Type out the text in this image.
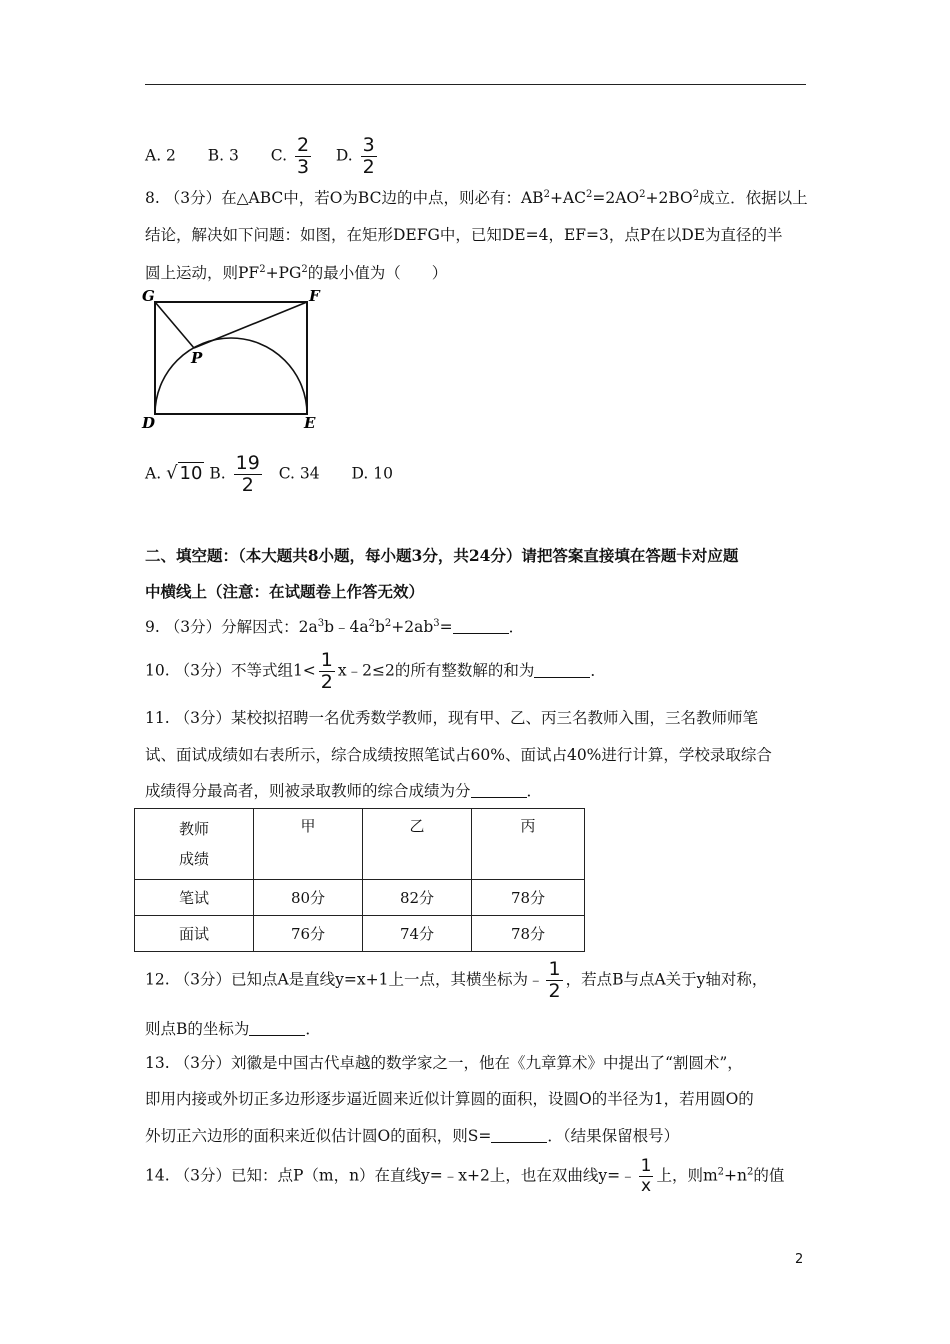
A. 2 B. 3 C. $\frac{2}{3} D$. $\frac{3}{2}$
8. （3分）在△ABC中，若O为BC边的中点，则必有：$AB^2+AC^2=2AO^2+2BO^2$成立．依据以上
结论，解决如下问题：如图，在矩形DEFG中，已知DE=4，EF=3，点P在以DE为直径的半
圆上运动，则$PF^2+PG^2$的最小值为（　　）
G	F
P
D	E
A. √ 10 B. $\frac{19}{2} C$. 34 D. 10
二、填空题：（本大题共8小题，每小题3分，共24分）请把答案直接填在答题卡对应题
中横线上（注意：在试题卷上作答无效）
9. （3分）分解因式：$2a^3b﹣4a^2b^2+2ab^3=$	．
10. （3分）不等式组$1< \frac{1}{2}$ x﹣2≤2的所有整数解的和为	．
11. （3分）某校拟招聘一名优秀数学教师，现有甲、乙、丙三名教师入围，三名教师师笔
试、面试成绩如右表所示，综合成绩按照笔试占60%、面试占40%进行计算，学校录取综合
成绩得分最高者，则被录取教师的综合成绩为分	．
教师
成绩	甲	乙	丙
笔试	80分	82分	78分
面试	76分	74分	78分
12. （3分）已知点A是直线y=x+1上一点，其横坐标为﹣ $\frac{1}{2}$ ，若点B与点A关于y轴对称，
则点B的坐标为	．
13. （3分）刘徽是中国古代卓越的数学家之一，他在《九章算术》中提出了“割圆术”，
即用内接或外切正多边形逐步逼近圆来近似计算圆的面积，设圆O的半径为1，若用圆O的
外切正六边形的面积来近似估计圆O的面积，则S=	．（结果保留根号）
14. （3分）已知：点P（m，n）在直线y=﹣x+2上，也在双曲线y=﹣ $\frac{1}{x}$ 上，则$m^2+n^2$的值
2
